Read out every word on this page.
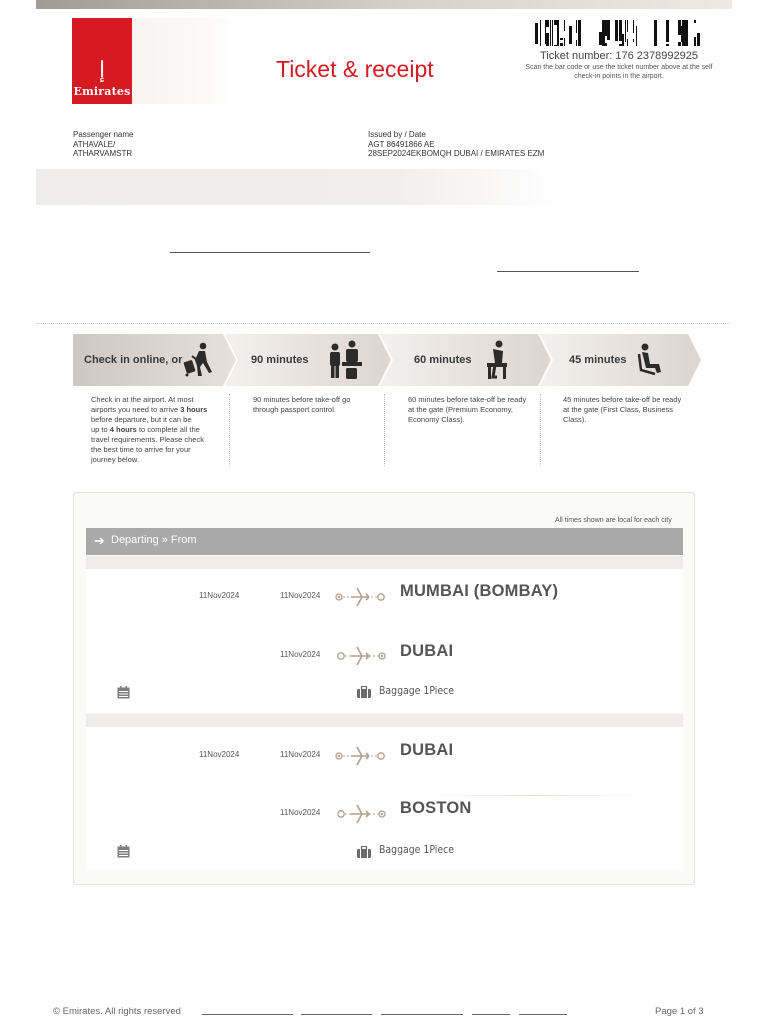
إ
Emirates
Ticket & receipt	Ticket number: 176 2378992925
Scan the bar code or use the ticket number above at the self check-in points in the airport.
Passenger name
ATHAVALE/
ATHARVAMSTR
Issued by / Date
AGT 86491866 AE
28SEP2024EKBOMQH DUBAI / EMIRATES EZM
Check in online, or	90 minutes	60 minutes	45 minutes
Check in at the airport. At most
airports you need to arrive 3 hours
before departure, but it can be
up to 4 hours to complete all the
travel requirements. Please check
the best time to arrive for your
journey below.
90 minutes before take-off go through passport control.
60 minutes before take-off be ready at the gate (Premium Economy, Economy Class).
45 minutes before take-off be ready at the gate (First Class, Business Class).
All times shown are local for each city
➔ Departing » From
11Nov2024	11Nov2024	MUMBAI (BOMBAY)
11Nov2024	DUBAI
Baggage 1Piece
11Nov2024	11Nov2024	DUBAI
11Nov2024	BOSTON
Baggage 1Piece
© Emirates. All rights reserved	Page 1 of 3
